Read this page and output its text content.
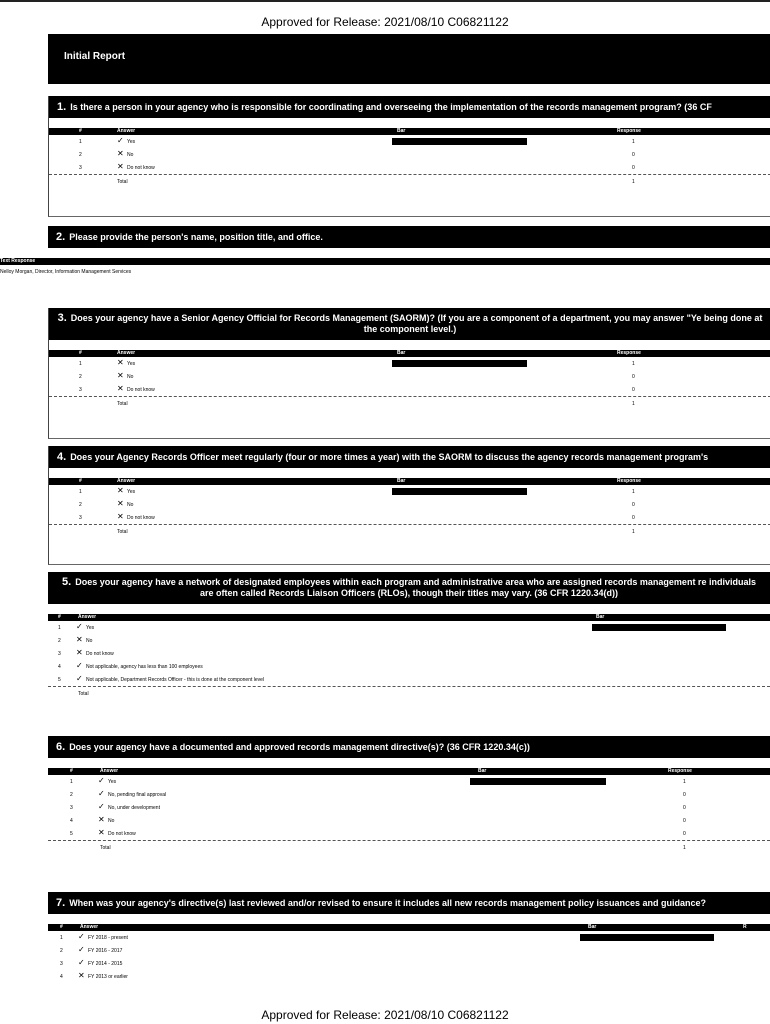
Approved for Release: 2021/08/10 C06821122
Initial Report
1. Is there a person in your agency who is responsible for coordinating and overseeing the implementation of the records management program? (36 CF
#	Answer	Bar	Response
1	✓ Yes	1
2	✕ No	0
3	✕ Do not know	0
Total	1
2. Please provide the person's name, position title, and office.
Text Response
Nelloy Morgan, Director, Information Management Services
3. Does your agency have a Senior Agency Official for Records Management (SAORM)? (If you are a component of a department, you may answer "Ye being done at the component level.)
#	Answer	Bar	Response
1	✕ Yes	1
2	✕ No	0
3	✕ Do not know	0
Total	1
4. Does your Agency Records Officer meet regularly (four or more times a year) with the SAORM to discuss the agency records management program's
#	Answer	Bar	Response
1	✕ Yes	1
2	✕ No	0
3	✕ Do not know	0
Total	1
5. Does your agency have a network of designated employees within each program and administrative area who are assigned records management re individuals are often called Records Liaison Officers (RLOs), though their titles may vary. (36 CFR 1220.34(d))
#	Answer	Bar
1 ✓ Yes
2 ✕ No
3 ✕ Do not know
4 ✓ Not applicable, agency has less than 100 employees
5 ✓ Not applicable, Department Records Officer - this is done at the component level
Total
6. Does your agency have a documented and approved records management directive(s)? (36 CFR 1220.34(c))
#	Answer	Bar	Response
1	✓ Yes	1
2	✓ No, pending final approval	0
3	✓ No, under development	0
4	✕ No	0
5	✕ Do not know	0
Total	1
7. When was your agency's directive(s) last reviewed and/or revised to ensure it includes all new records management policy issuances and guidance?
#	Answer	Bar	R
1 ✓ FY 2018 - present
2 ✓ FY 2016 - 2017
3 ✓ FY 2014 - 2015
4 ✕ FY 2013 or earlier
Approved for Release: 2021/08/10 C06821122
